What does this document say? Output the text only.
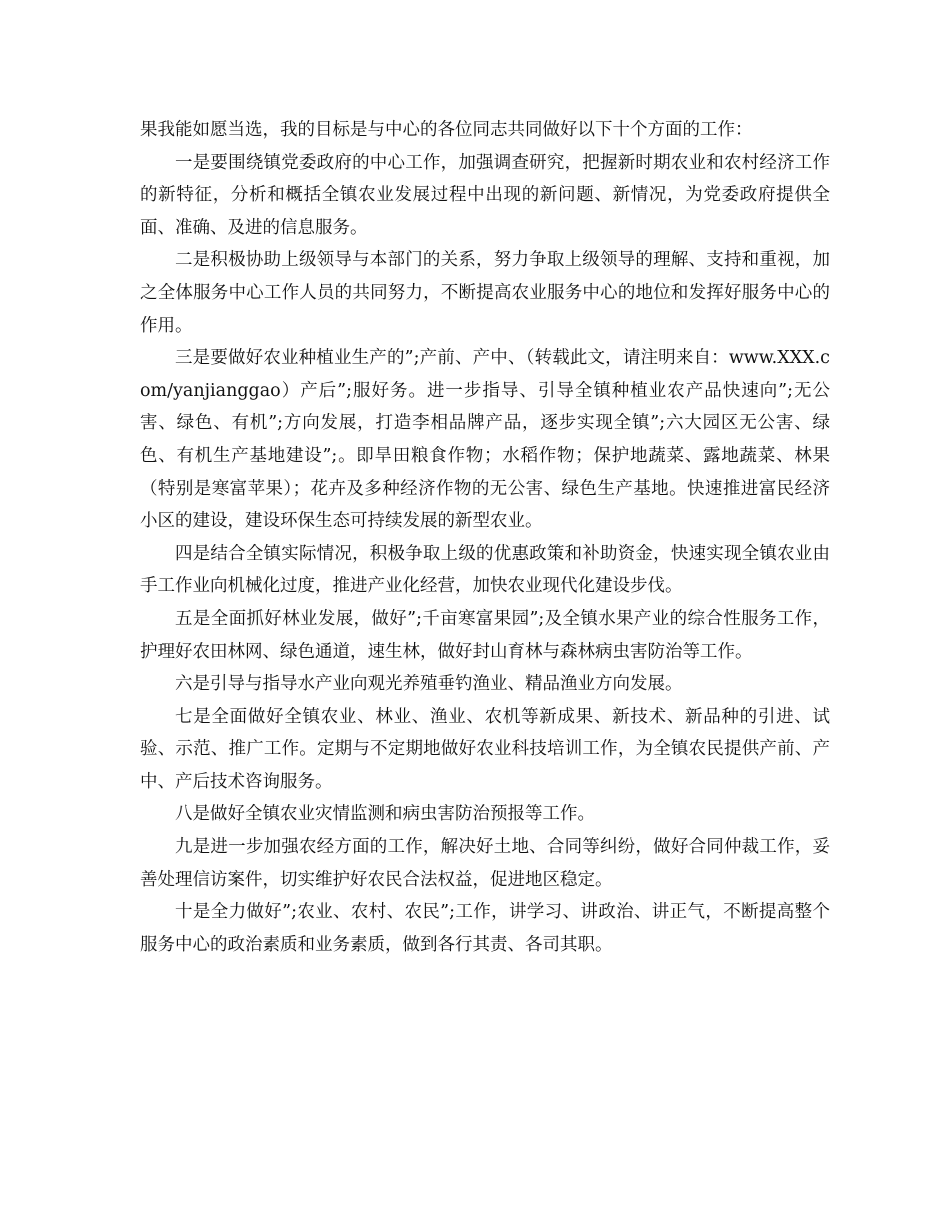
果我能如愿当选，我的目标是与中心的各位同志共同做好以下十个方面的工作：

一是要围绕镇党委政府的中心工作，加强调查研究，把握新时期农业和农村经济工作的新特征，分析和概括全镇农业发展过程中出现的新问题、新情况，为党委政府提供全面、准确、及进的信息服务。

二是积极协助上级领导与本部门的关系，努力争取上级领导的理解、支持和重视，加之全体服务中心工作人员的共同努力，不断提高农业服务中心的地位和发挥好服务中心的作用。

三是要做好农业种植业生产的”;产前、产中、（转载此文，请注明来自：www.XXX.com/yanjianggao）产后”;服好务。进一步指导、引导全镇种植业农产品快速向”;无公害、绿色、有机”;方向发展，打造李相品牌产品，逐步实现全镇”;六大园区无公害、绿色、有机生产基地建设”;。即旱田粮食作物；水稻作物；保护地蔬菜、露地蔬菜、林果（特别是寒富苹果）；花卉及多种经济作物的无公害、绿色生产基地。快速推进富民经济小区的建设，建设环保生态可持续发展的新型农业。

四是结合全镇实际情况，积极争取上级的优惠政策和补助资金，快速实现全镇农业由手工作业向机械化过度，推进产业化经营，加快农业现代化建设步伐。

五是全面抓好林业发展，做好”;千亩寒富果园”;及全镇水果产业的综合性服务工作，护理好农田林网、绿色通道，速生林，做好封山育林与森林病虫害防治等工作。

六是引导与指导水产业向观光养殖垂钓渔业、精品渔业方向发展。

七是全面做好全镇农业、林业、渔业、农机等新成果、新技术、新品种的引进、试验、示范、推广工作。定期与不定期地做好农业科技培训工作，为全镇农民提供产前、产中、产后技术咨询服务。

八是做好全镇农业灾情监测和病虫害防治预报等工作。

九是进一步加强农经方面的工作，解决好土地、合同等纠纷，做好合同仲裁工作，妥善处理信访案件，切实维护好农民合法权益，促进地区稳定。

十是全力做好”;农业、农村、农民”;工作，讲学习、讲政治、讲正气，不断提高整个服务中心的政治素质和业务素质，做到各行其责、各司其职。
